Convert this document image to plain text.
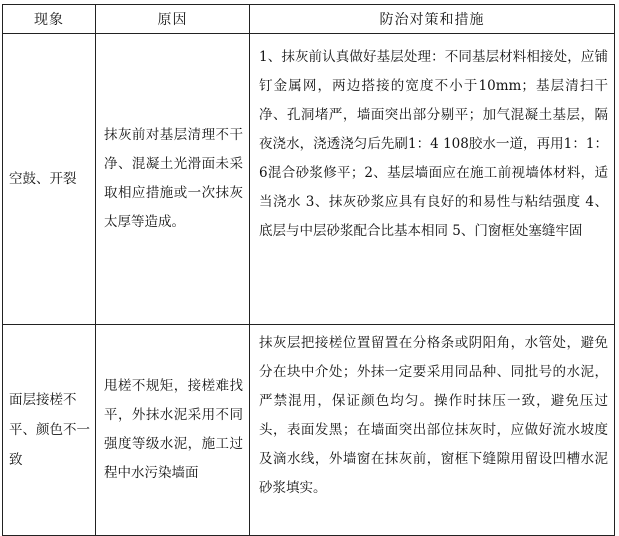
现象	原因	防治对策和措施
空鼓、开裂	抹灰前对基层清理不干净、混凝土光滑面未采取相应措施或一次抹灰太厚等造成。	1、抹灰前认真做好基层处理：不同基层材料相接处，应铺钉金属网，两边搭接的宽度不小于10mm；基层清扫干净、孔洞堵严，墙面突出部分剔平；加气混凝土基层，隔夜浇水，浇透浇匀后先刷1：4 108胶水一道，再用1：1：6混合砂浆修平；2、基层墙面应在施工前视墙体材料，适当浇水 3、抹灰砂浆应具有良好的和易性与粘结强度 4、底层与中层砂浆配合比基本相同 5、门窗框处塞缝牢固
面层接槎不平、颜色不一致	甩槎不规矩，接槎难找平，外抹水泥采用不同强度等级水泥，施工过程中水污染墙面	抹灰层把接槎位置留置在分格条或阴阳角，水管处，避免分在块中介处；外抹一定要采用同品种、同批号的水泥，严禁混用，保证颜色均匀。操作时抹压一致，避免压过头，表面发黑；在墙面突出部位抹灰时，应做好流水坡度及滴水线，外墙窗在抹灰前，窗框下缝隙用留设凹槽水泥砂浆填实。
